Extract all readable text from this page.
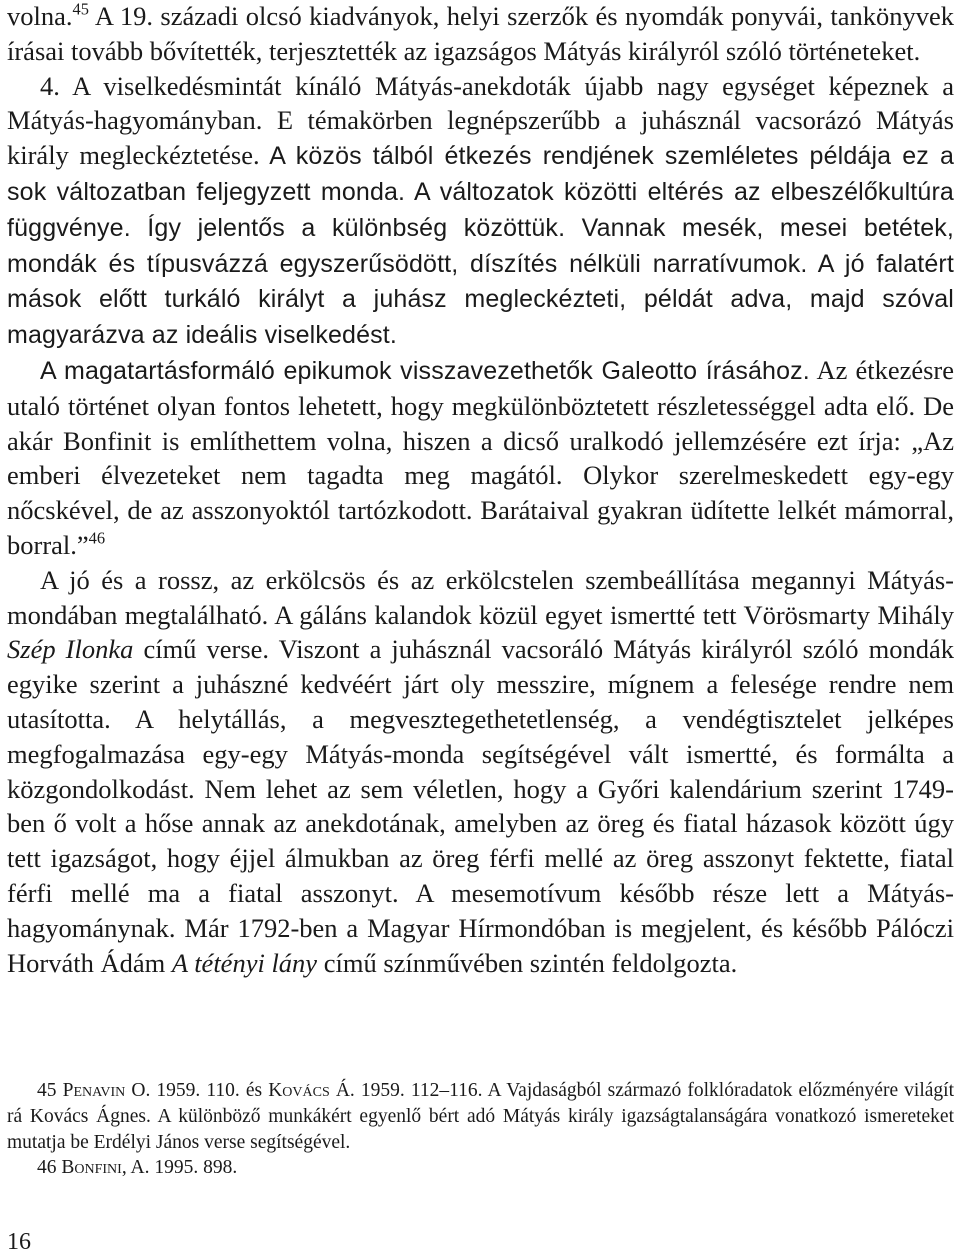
volna.$^{45}$ A 19. századi olcsó kiadványok, helyi szerzők és nyomdák ponyvái, tankönyvek írásai tovább bővítették, terjesztették az igazságos Mátyás királyról szóló történeteket.

4. A viselkedésmintát kínáló Mátyás-anekdoták újabb nagy egységet képeznek a Mátyás-hagyományban. E témakörben legnépszerűbb a juhásznál vacsorázó Mátyás király megleckéztetése. A közös tálból étkezés rendjének szemléletes példája ez a sok változatban feljegyzett monda. A változatok közötti eltérés az elbeszélőkultúra függvénye. Így jelentős a különbség közöttük. Vannak mesék, mesei betétek, mondák és típusvázzá egyszerűsödött, díszítés nélküli narratívumok. A jó falatért mások előtt turkáló királyt a juhász megleckézteti, példát adva, majd szóval magyarázva az ideális viselkedést.

A magatartásformáló epikumok visszavezethetők Galeotto írásához. Az étkezésre utaló történet olyan fontos lehetett, hogy megkülönböztetett részletességgel adta elő. De akár Bonfinit is említhettem volna, hiszen a dicső uralkodó jellemzésére ezt írja: „Az emberi élvezeteket nem tagadta meg magától. Olykor szerelmeskedett egy-egy nőcskével, de az asszonyoktól tartózkodott. Barátaival gyakran üdítette lelkét mámorral, borral.”$^{46}$

A jó és a rossz, az erkölcsös és az erkölcstelen szembeállítása megannyi Mátyás-mondában megtalálható. A gáláns kalandok közül egyet ismertté tett Vörösmarty Mihály Szép Ilonka című verse. Viszont a juhásznál vacsoráló Mátyás királyról szóló mondák egyike szerint a juhászné kedvéért járt oly messzire, mígnem a felesége rendre nem utasította. A helytállás, a megvesztegethetetlenség, a vendégtisztelet jelképes megfogalmazása egy-egy Mátyás-monda segítségével vált ismertté, és formálta a közgondolkodást. Nem lehet az sem véletlen, hogy a Győri kalendárium szerint 1749-ben ő volt a hőse annak az anekdotának, amelyben az öreg és fiatal házasok között úgy tett igazságot, hogy éjjel álmukban az öreg férfi mellé az öreg asszonyt fektette, fiatal férfi mellé ma a fiatal asszonyt. A mesemotívum később része lett a Mátyás-hagyománynak. Már 1792-ben a Magyar Hírmondóban is megjelent, és később Pálóczi Horváth Ádám A tétényi lány című színművében szintén feldolgozta.

45 Penavin O. 1959. 110. és Kovács Á. 1959. 112–116. A Vajdaságból származó folklóradatok előzményére világít rá Kovács Ágnes. A különböző munkákért egyenlő bért adó Mátyás király igazságtalanságára vonatkozó ismereteket mutatja be Erdélyi János verse segítségével.

46 Bonfini, A. 1995. 898.

16
